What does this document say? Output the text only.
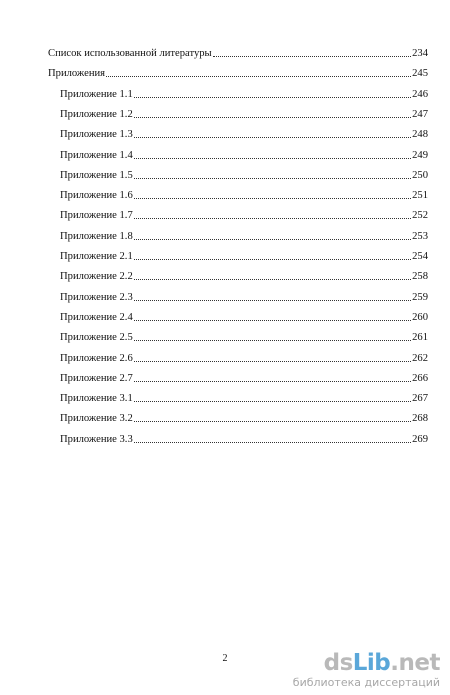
Список использованной литературы	234
Приложения	245
Приложение 1.1	246
Приложение 1.2	247
Приложение 1.3	248
Приложение 1.4	249
Приложение 1.5	250
Приложение 1.6	251
Приложение 1.7	252
Приложение 1.8	253
Приложение 2.1	254
Приложение 2.2	258
Приложение 2.3	259
Приложение 2.4	260
Приложение 2.5	261
Приложение 2.6	262
Приложение 2.7	266
Приложение 3.1	267
Приложение 3.2	268
Приложение 3.3	269
2	dsLib.net
библиотека диссертаций
